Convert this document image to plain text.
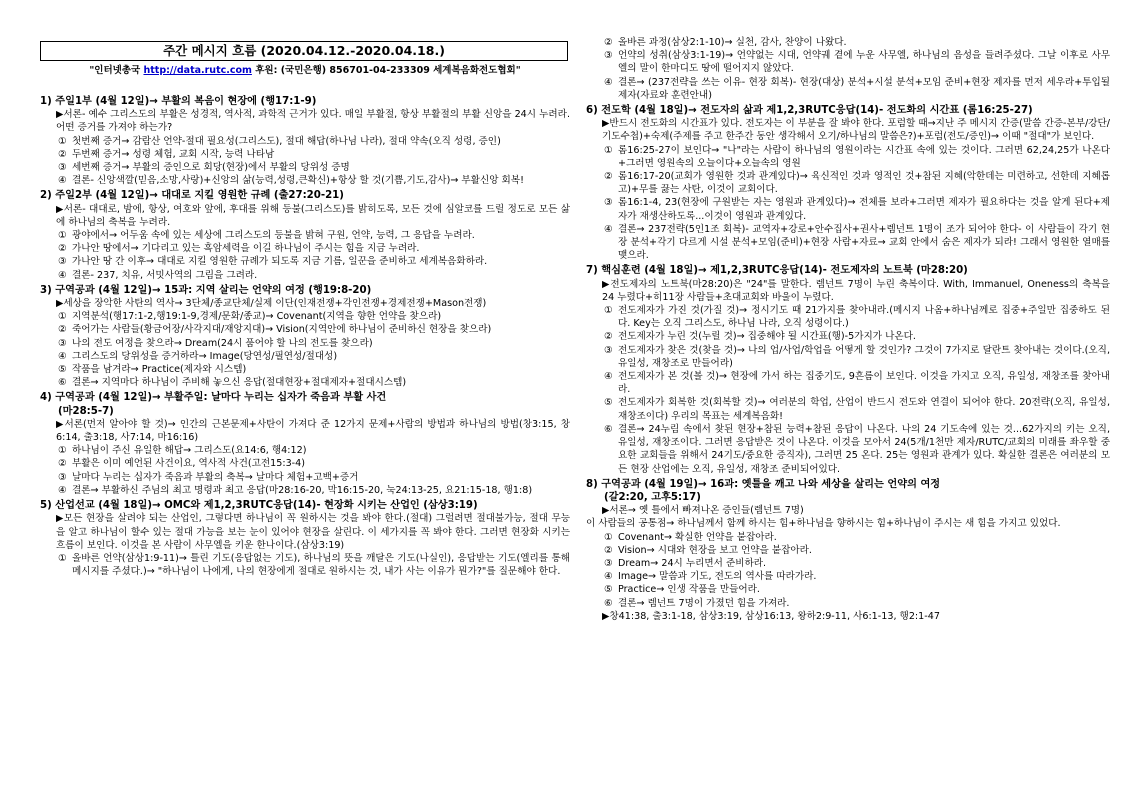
주간 메시지 흐름 (2020.04.12.-2020.04.18.)
"인터넷총국 http://data.rutc.com 후원: (국민은행) 856701-04-233309 세계복음화전도협회"
1) 주일1부 (4월 12일)→ 부활의 복음이 현장에 (행17:1-9)
▶서론- 예수 그리스도의 부활은 성경적, 역사적, 과학적 근거가 있다. 매일 부활절, 항상 부활절의 부활 신앙을 24시 누려라. 어떤 증거를 가져야 하는가?
① 첫번째 증거→ 감람산 언약-절대 필요성(그리스도), 절대 해답(하나님 나라), 절대 약속(오직 성령, 증인)
② 두번째 증거→ 성령 체험, 교회 시작, 능력 나타남
③ 세번째 증거→ 부활의 증인으로 회당(현장)에서 부활의 당위성 증명
④ 결론- 신앙색깔(믿음,소망,사랑)+신앙의 삶(능력,성령,큰확신)+항상 할 것(기쁨,기도,감사)→ 부활신앙 회복!
2) 주일2부 (4월 12일)→ 대대로 지킬 영원한 규례 (출27:20-21)
▶서론- 대대로, 밤에, 항상, 여호와 앞에, 후대를 위해 등불(그리스도)를 밝히도록, 모든 것에 심알코를 드릴 정도로 모든 삶에 하나님의 축복을 누려라.
① 광야에서→ 어두움 속에 있는 세상에 그리스도의 등불을 밝혀 구원, 언약, 능력, 그 응답을 누려라.
② 가나안 땅에서→ 기다리고 있는 흑암세력을 이길 하나님이 주시는 힘을 지금 누려라.
③ 가나안 땅 간 이후→ 대대로 지킬 영원한 규례가 되도록 지금 기름, 일꾼을 준비하고 세계복음화하라.
④ 결론- 237, 치유, 서밋사역의 그림을 그려라.
3) 구역공과 (4월 12일)→ 15과: 지역 살리는 언약의 여정 (행19:8-20)
▶세상을 장악한 사탄의 역사→ 3단체/종교단체/실제 이단(인재전쟁+각인전쟁+경제전쟁+Mason전쟁)
① 지역분석(행17:1-2,행19:1-9,경제/문화/종교)→ Covenant(지역을 향한 언약을 찾으라)
② 죽어가는 사람들(황금어장/사각지대/재앙지대)→ Vision(지역안에 하나님이 준비하신 현장을 찾으라)
③ 나의 전도 여정을 찾으라→ Dream(24시 품어야 할 나의 전도를 찾으라)
④ 그리스도의 당위성을 증거하라→ Image(당연성/필연성/절대성)
⑤ 작품을 남겨라→ Practice(제자와 시스템)
⑥ 결론→ 지역마다 하나님이 주비해 놓으신 응답(절대현장+절대제자+절대시스템)
4) 구역공과 (4월 12일)→ 부활주일: 날마다 누리는 십자가 죽음과 부활 사건
(마28:5-7)
▶서론(먼저 알아야 할 것)→ 인간의 근본문제+사탄이 가져다 준 12가지 문제+사람의 방법과 하나님의 방법(창3:15, 창6:14, 출3:18, 사7:14, 마16:16)
① 하나님이 주신 유일한 해답→ 그리스도(요14:6, 행4:12)
② 부활은 이미 예언된 사건이요, 역사적 사건(고전15:3-4)
③ 날마다 누리는 십자가 죽음과 부활의 축복→ 날마다 체험+고백+증거
④ 결론→ 부활하신 주님의 최고 명령과 최고 응답(마28:16-20, 막16:15-20, 눅24:13-25, 요21:15-18, 행1:8)
5) 산업선교 (4월 18일)→ OMC와 제1,2,3RUTC응답(14)- 현장화 시키는 산업인 (삼상3:19)
▶모든 현장을 살려야 되는 산업인, 그렇다면 하나님이 꼭 원하시는 것을 봐야 한다.(절대) 그럴려면 절대불가능, 절대 무능을 알고 하나님이 할수 있는 절대 가능을 보는 눈이 있어야 현장을 살린다. 이 세가지를 꼭 봐야 한다. 그러면 현장화 시키는 흐름이 보인다. 이것을 본 사람이 사무엘을 키운 한나이다.(삼상3:19)
① 올바른 언약(삼상1:9-11)→ 틀린 기도(응답없는 기도), 하나님의 뜻을 깨달은 기도(나실인), 응답받는 기도(엘리를 통해 메시지를 주셨다.)→ "하나님이 나에게, 나의 현장에게 절대로 원하시는 것, 내가 사는 이유가 뭔가?"를 질문해야 한다.
② 올바른 과정(삼상2:1-10)→ 실천, 감사, 찬양이 나왔다.
③ 언약의 성취(삼상3:1-19)→ 언약없는 시대, 언약궤 곁에 누운 사무엘, 하나님의 음성을 들려주셨다. 그날 이후로 사무엘의 말이 한마디도 땅에 떨어지지 않았다.
④ 결론→ (237전략을 쓰는 이유- 현장 회복)- 현장(대상) 분석+시설 분석+모임 준비+현장 제자를 먼저 세우라+투입될 제자(자료와 훈련안내)
6) 전도학 (4월 18일)→ 전도자의 삶과 제1,2,3RUTC응답(14)- 전도화의 시간표 (롬16:25-27)
▶반드시 전도화의 시간표가 있다. 전도자는 이 부분을 잘 봐야 한다. 포럼할 때→지난 주 메시지 간증(말씀 간증-본부/강단/기도수첩)+숙제(주제를 주고 한주간 동안 생각해서 오기/하나님의 말씀은?)+포럼(전도/증인)→ 이때 "절대"가 보인다.
① 롬16:25-27이 보인다→ "나"라는 사람이 하나님의 영원이라는 시간표 속에 있는 것이다. 그러면 62,24,25가 나온다+그러면 영원속의 오늘이다+오늘속의 영원
② 롬16:17-20(교회가 영원한 것과 관계있다)→ 육신적인 것과 영적인 것+참된 지혜(악한데는 미련하고, 선한데 지혜롭고)+무를 끓는 사탄, 이것이 교회이다.
③ 롬16:1-4, 23(현장에 구원받는 자는 영원과 관계있다)→ 전체를 보라+그러면 제자가 필요하다는 것을 알게 된다+제자가 재생산하도록...이것이 영원과 관계있다.
④ 결론→ 237전략(5인1조 회복)- 교역자+강로+안수집사+권사+렘넌트 1명이 조가 되어야 한다- 이 사람들이 각기 현장 분석+각기 다르게 시설 분석+모임(준비)+현장 사람+자료→ 교회 안에서 숨은 제자가 되라! 그래서 영원한 열매를 맺으라.
7) 핵심훈련 (4월 18일)→ 제1,2,3RUTC응답(14)- 전도제자의 노트북 (마28:20)
▶전도제자의 노트북(마28:20)은 "24"를 말한다. 렘넌트 7명이 누린 축복이다. With, Immanuel, Oneness의 축복을 24 누렸다+히11장 사람들+초대교회와 바울이 누렸다.
① 전도제자가 가진 것(가질 것)→ 정시기도 때 21가지를 찾아내라.(메시지 나옴+하나님께로 집중+주일만 집중하도 된다. Key는 오직 그리스도, 하나님 나라, 오직 성령이다.)
② 전도제자가 누린 것(누릴 것)→ 집중해야 될 시간표(행)-5가지가 나온다.
③ 전도제자가 찾은 것(찾을 것)→ 나의 업/사업/학업을 어떻게 할 것인가? 그것이 7가지로 달란트 찾아내는 것이다.(오직, 유일성, 재창조로 만들어라)
④ 전도제자가 본 것(볼 것)→ 현장에 가서 하는 집중기도, 9흔름이 보인다. 이것을 가지고 오직, 유일성, 재창조를 찾아내라.
⑤ 전도제자가 회복한 것(회복할 것)→ 여러분의 학업, 산업이 반드시 전도와 연결이 되어야 한다. 20전략(오직, 유일성, 재창조이다) 우리의 목표는 세계복음화!
⑥ 결론→ 24누림 속에서 찾된 현장+참된 능력+참된 응답이 나온다. 나의 24 기도속에 있는 것...62가지의 키는 오직, 유일성, 재창조이다. 그러면 응답받은 것이 나온다. 이것을 모아서 24(5개/1천만 제자/RUTC/교회의 미래를 좌우할 중요한 교회들을 위해서 24기도/중요한 증직자), 그러면 25 온다. 25는 영원과 관계가 있다. 확실한 결론은 여러분의 모든 현장 산업에는 오직, 유일성, 재창조 준비되어있다.
8) 구역공과 (4월 19일)→ 16과: 옛틀을 깨고 나와 세상을 살리는 언약의 여정
(갈2:20, 고후5:17)
▶서론→ 옛 틀에서 빠져나온 증인들(렘넌트 7명)
이 사람들의 공통점→ 하나님께서 함께 하시는 힘+하나님을 향하시는 힘+하나님이 주시는 새 힘을 가지고 있었다.
① Covenant→ 확실한 언약을 붙잡아라.
② Vision→ 시대와 현장을 보고 언약을 붙잡아라.
③ Dream→ 24시 누리면서 준비하라.
④ Image→ 말씀과 기도, 전도의 역사를 따라가라.
⑤ Practice→ 인생 작품을 만들어라.
⑥ 결론→ 렘넌트 7명이 가졌던 힘을 가져라.
▶창41:38, 출3:1-18, 삼상3:19, 삼상16:13, 왕하2:9-11, 사6:1-13, 행2:1-47
